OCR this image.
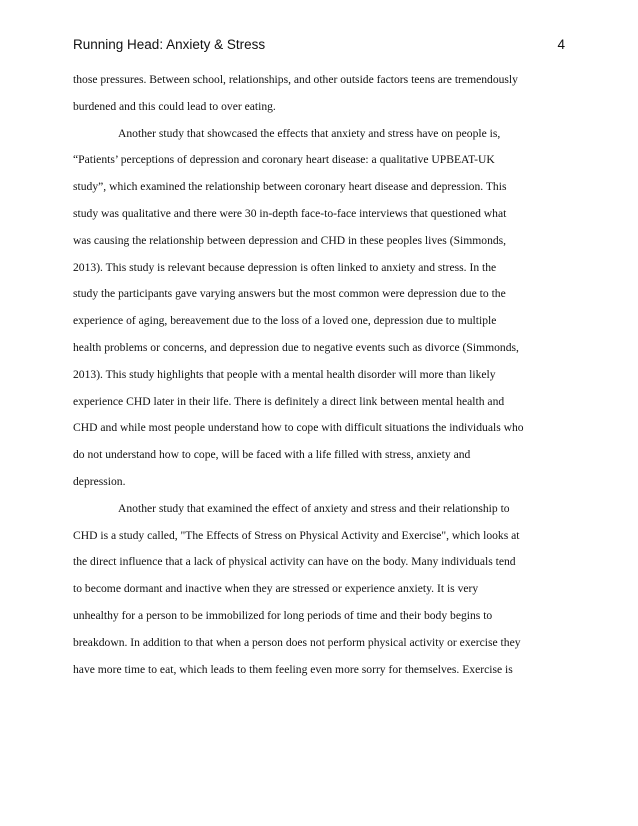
Running Head: Anxiety & Stress	4
those pressures. Between school, relationships, and other outside factors teens are tremendously
burdened and this could lead to over eating.
Another study that showcased the effects that anxiety and stress have on people is,
“Patients’ perceptions of depression and coronary heart disease: a qualitative UPBEAT-UK
study”, which examined the relationship between coronary heart disease and depression. This
study was qualitative and there were 30 in-depth face-to-face interviews that questioned what
was causing the relationship between depression and CHD in these peoples lives (Simmonds,
2013). This study is relevant because depression is often linked to anxiety and stress. In the
study the participants gave varying answers but the most common were depression due to the
experience of aging, bereavement due to the loss of a loved one, depression due to multiple
health problems or concerns, and depression due to negative events such as divorce (Simmonds,
2013). This study highlights that people with a mental health disorder will more than likely
experience CHD later in their life. There is definitely a direct link between mental health and
CHD and while most people understand how to cope with difficult situations the individuals who
do not understand how to cope, will be faced with a life filled with stress, anxiety and
depression.
Another study that examined the effect of anxiety and stress and their relationship to
CHD is a study called, "The Effects of Stress on Physical Activity and Exercise", which looks at
the direct influence that a lack of physical activity can have on the body. Many individuals tend
to become dormant and inactive when they are stressed or experience anxiety. It is very
unhealthy for a person to be immobilized for long periods of time and their body begins to
breakdown. In addition to that when a person does not perform physical activity or exercise they
have more time to eat, which leads to them feeling even more sorry for themselves. Exercise is
